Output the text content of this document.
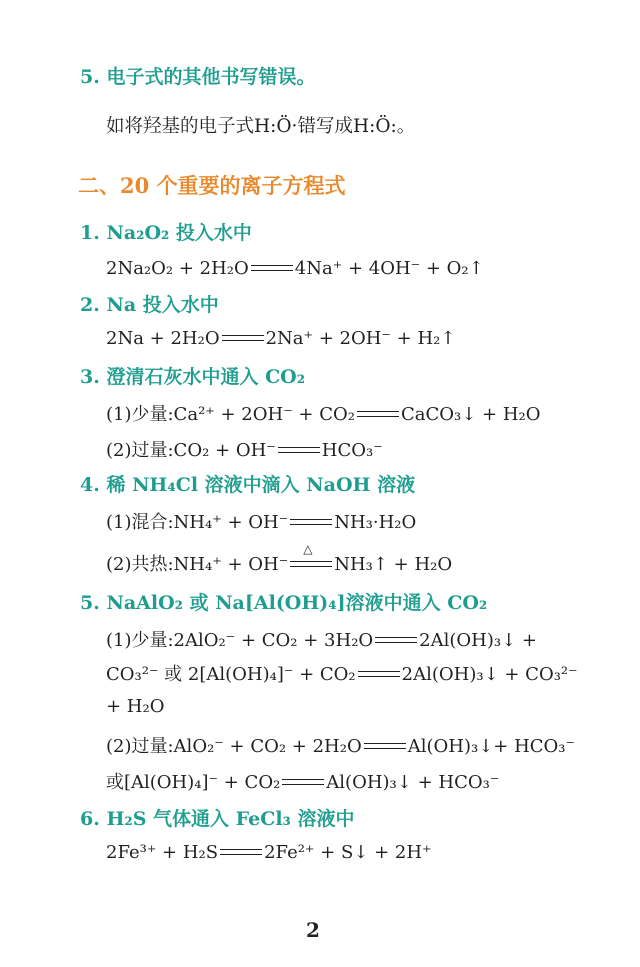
5. 电子式的其他书写错误。
如将羟基的电子式H:Ö·错写成H:Ö:。
二、20 个重要的离子方程式
1. Na₂O₂ 投入水中
2Na₂O₂ + 2H₂O	4Na⁺ + 4OH⁻ + O₂↑
2. Na 投入水中
2Na + 2H₂O	2Na⁺ + 2OH⁻ + H₂↑
3. 澄清石灰水中通入 CO₂
(1)少量:Ca²⁺ + 2OH⁻ + CO₂	CaCO₃↓ + H₂O
(2)过量:CO₂ + OH⁻	HCO₃⁻
4. 稀 NH₄Cl 溶液中滴入 NaOH 溶液
(1)混合:NH₄⁺ + OH⁻	NH₃·H₂O
(2)共热:NH₄⁺ + OH⁻
△
NH₃↑ + H₂O
5. NaAlO₂ 或 Na[Al(OH)₄]溶液中通入 CO₂
(1)少量:2AlO₂⁻ + CO₂ + 3H₂O	2Al(OH)₃↓ +
CO₃²⁻ 或 2[Al(OH)₄]⁻ + CO₂	2Al(OH)₃↓ + CO₃²⁻
+ H₂O
(2)过量:AlO₂⁻ + CO₂ + 2H₂O	Al(OH)₃↓+ HCO₃⁻
或[Al(OH)₄]⁻ + CO₂	Al(OH)₃↓ + HCO₃⁻
6. H₂S 气体通入 FeCl₃ 溶液中
2Fe³⁺ + H₂S	2Fe²⁺ + S↓ + 2H⁺
2
